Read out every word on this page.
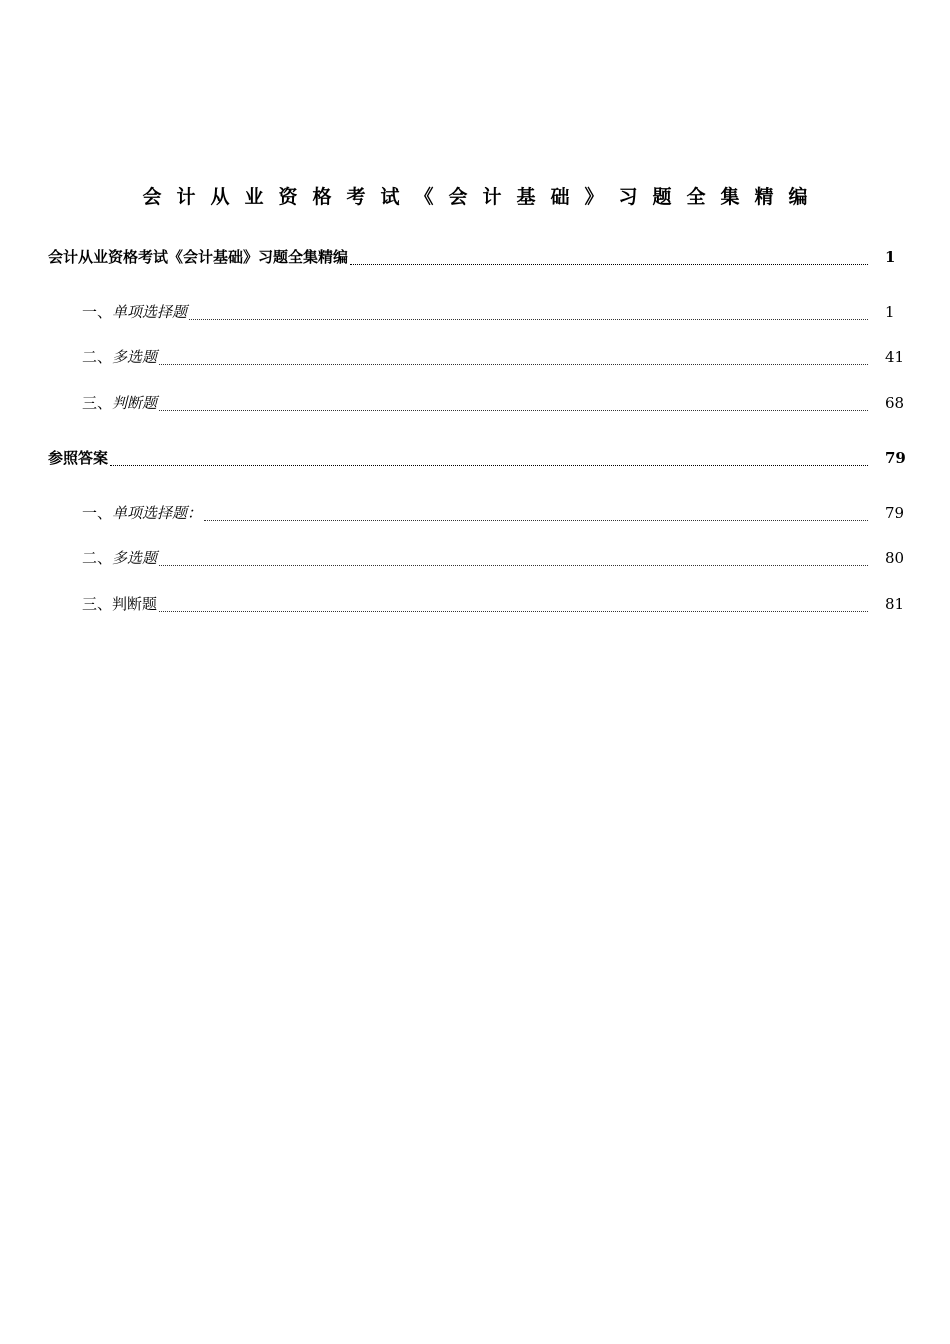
会计从业资格考试《会计基础》习题全集精编
会计从业资格考试《会计基础》习题全集精编	1
一、 单项选择题	1
二、 多选题	41
三、 判断题	68
参照答案	79
一、 单项选择题：	79
二、 多选题	80
三、 判断题	81
